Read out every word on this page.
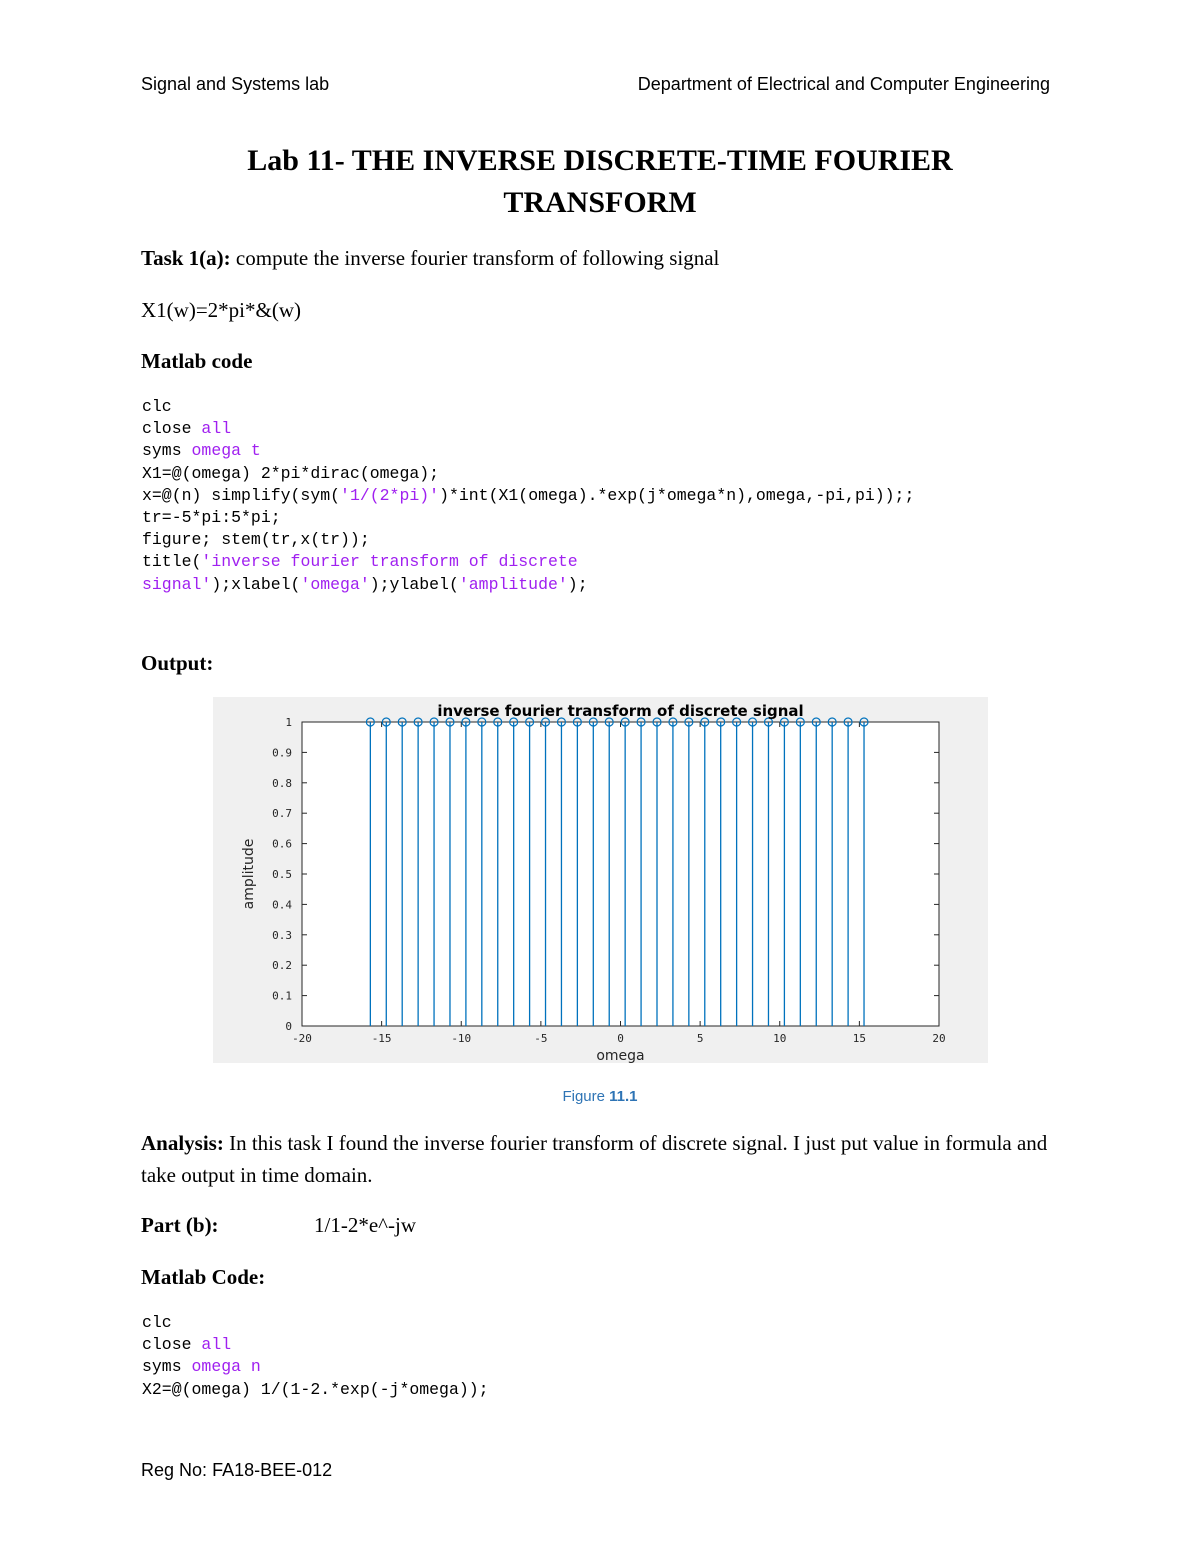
Signal and Systems lab	Department of Electrical and Computer Engineering
Lab 11- THE INVERSE DISCRETE-TIME FOURIER
TRANSFORM
Task 1(a): compute the inverse fourier transform of following signal
X1(w)=2*pi*&(w)
Matlab code
clc
close all
syms omega t
X1=@(omega) 2*pi*dirac(omega);
x=@(n) simplify(sym('1/(2*pi)')*int(X1(omega).*exp(j*omega*n),omega,-pi,pi));;
tr=-5*pi:5*pi;
figure; stem(tr,x(tr));
title('inverse fourier transform of discrete
signal');xlabel('omega');ylabel('amplitude');
Output:
0
0.1
0.2
0.3
0.4
0.5
0.6
0.7
0.8
0.9
1
-20	-15	-10	-5	0	5	10	15	20
inverse fourier transform of discrete signal
omega
amplitude
Figure 11.1
Analysis: In this task I found the inverse fourier transform of discrete signal. I just put value in formula and take output in time domain.
Part (b):	1/1-2*e^-jw
Matlab Code:
clc
close all
syms omega n
X2=@(omega) 1/(1-2.*exp(-j*omega));
Reg No: FA18-BEE-012
